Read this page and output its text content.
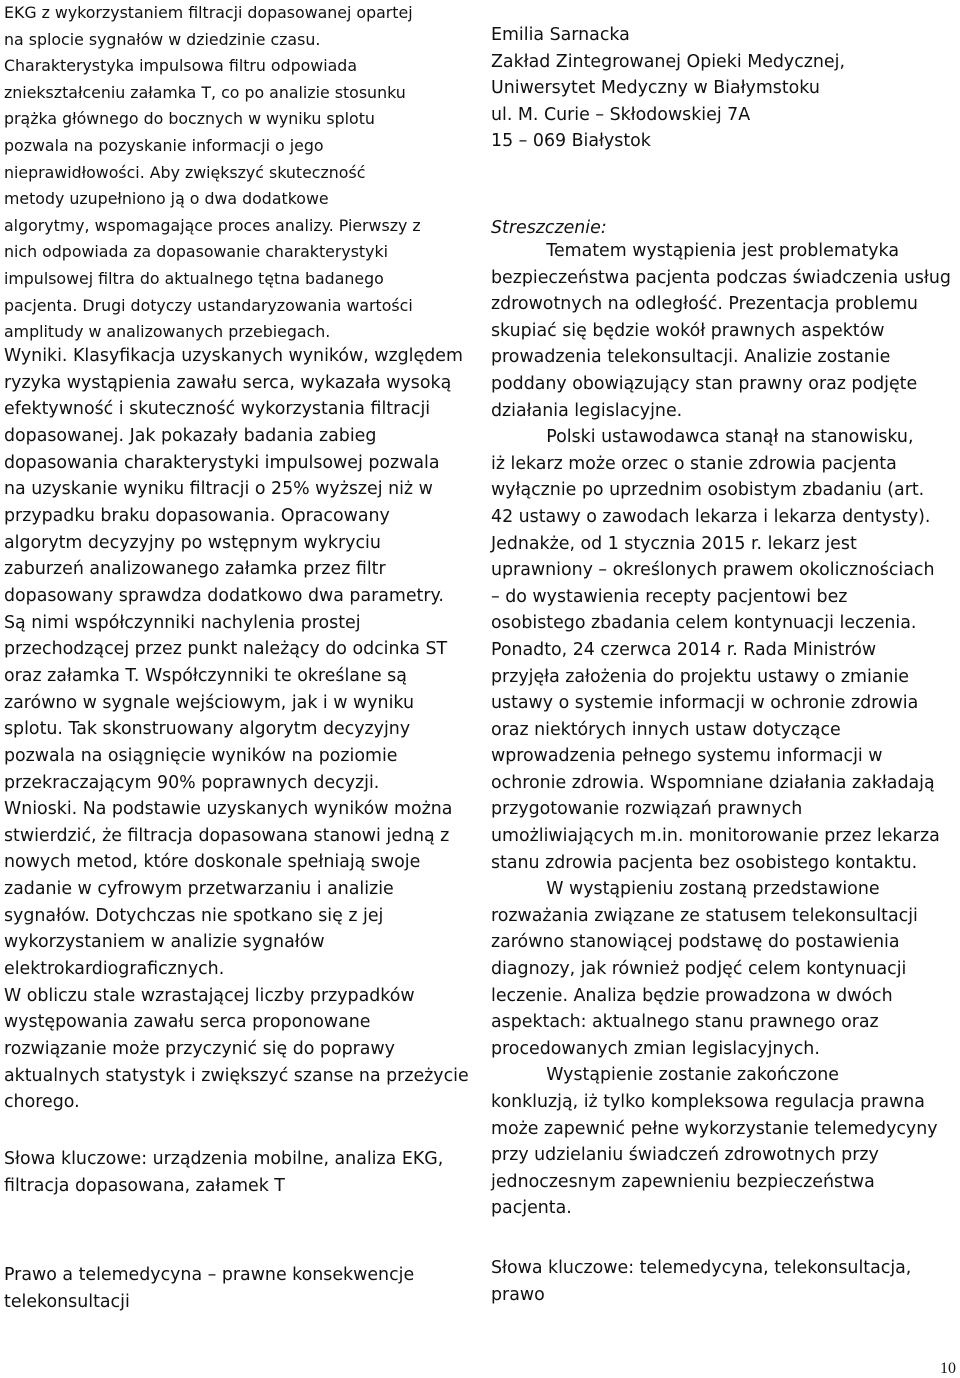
EKG z wykorzystaniem filtracji dopasowanej opartej
na splocie sygnałów w dziedzinie czasu.
Charakterystyka impulsowa filtru odpowiada
zniekształceniu załamka T, co po analizie stosunku
prążka głównego do bocznych w wyniku splotu
pozwala na pozyskanie informacji o jego
nieprawidłowości. Aby zwiększyć skuteczność
metody uzupełniono ją o dwa dodatkowe
algorytmy, wspomagające proces analizy. Pierwszy z
nich odpowiada za dopasowanie charakterystyki
impulsowej filtra do aktualnego tętna badanego
pacjenta. Drugi dotyczy ustandaryzowania wartości
amplitudy w analizowanych przebiegach.
Wyniki. Klasyfikacja uzyskanych wyników, względem
ryzyka wystąpienia zawału serca, wykazała wysoką
efektywność i skuteczność wykorzystania filtracji
dopasowanej. Jak pokazały badania zabieg
dopasowania charakterystyki impulsowej pozwala
na uzyskanie wyniku filtracji o 25% wyższej niż w
przypadku braku dopasowania. Opracowany
algorytm decyzyjny po wstępnym wykryciu
zaburzeń analizowanego załamka przez filtr
dopasowany sprawdza dodatkowo dwa parametry.
Są nimi współczynniki nachylenia prostej
przechodzącej przez punkt należący do odcinka ST
oraz załamka T. Współczynniki te określane są
zarówno w sygnale wejściowym, jak i w wyniku
splotu. Tak skonstruowany algorytm decyzyjny
pozwala na osiągnięcie wyników na poziomie
przekraczającym 90% poprawnych decyzji.
Wnioski. Na podstawie uzyskanych wyników można
stwierdzić, że filtracja dopasowana stanowi jedną z
nowych metod, które doskonale spełniają swoje
zadanie w cyfrowym przetwarzaniu i analizie
sygnałów. Dotychczas nie spotkano się z jej
wykorzystaniem w analizie sygnałów
elektrokardiograficznych.
W obliczu stale wzrastającej liczby przypadków
występowania zawału serca proponowane
rozwiązanie może przyczynić się do poprawy
aktualnych statystyk i zwiększyć szanse na przeżycie
chorego.
Słowa kluczowe: urządzenia mobilne, analiza EKG,
filtracja dopasowana, załamek T
Prawo a telemedycyna – prawne konsekwencje
telekonsultacji
Emilia Sarnacka
Zakład Zintegrowanej Opieki Medycznej,
Uniwersytet Medyczny w Białymstoku
ul. M. Curie – Skłodowskiej 7A
15 – 069 Białystok
Streszczenie:
Tematem wystąpienia jest problematyka
bezpieczeństwa pacjenta podczas świadczenia usług
zdrowotnych na odległość. Prezentacja problemu
skupiać się będzie wokół prawnych aspektów
prowadzenia telekonsultacji. Analizie zostanie
poddany obowiązujący stan prawny oraz podjęte
działania legislacyjne.
Polski ustawodawca stanął na stanowisku,
iż lekarz może orzec o stanie zdrowia pacjenta
wyłącznie po uprzednim osobistym zbadaniu (art.
42 ustawy o zawodach lekarza i lekarza dentysty).
Jednakże, od 1 stycznia 2015 r. lekarz jest
uprawniony – określonych prawem okolicznościach
– do wystawienia recepty pacjentowi bez
osobistego zbadania celem kontynuacji leczenia.
Ponadto, 24 czerwca 2014 r. Rada Ministrów
przyjęła założenia do projektu ustawy o zmianie
ustawy o systemie informacji w ochronie zdrowia
oraz niektórych innych ustaw dotyczące
wprowadzenia pełnego systemu informacji w
ochronie zdrowia. Wspomniane działania zakładają
przygotowanie rozwiązań prawnych
umożliwiających m.in. monitorowanie przez lekarza
stanu zdrowia pacjenta bez osobistego kontaktu.
W wystąpieniu zostaną przedstawione
rozważania związane ze statusem telekonsultacji
zarówno stanowiącej podstawę do postawienia
diagnozy, jak również podjęć celem kontynuacji
leczenie. Analiza będzie prowadzona w dwóch
aspektach: aktualnego stanu prawnego oraz
procedowanych zmian legislacyjnych.
Wystąpienie zostanie zakończone
konkluzją, iż tylko kompleksowa regulacja prawna
może zapewnić pełne wykorzystanie telemedycyny
przy udzielaniu świadczeń zdrowotnych przy
jednoczesnym zapewnieniu bezpieczeństwa
pacjenta.
Słowa kluczowe: telemedycyna, telekonsultacja,
prawo
10
